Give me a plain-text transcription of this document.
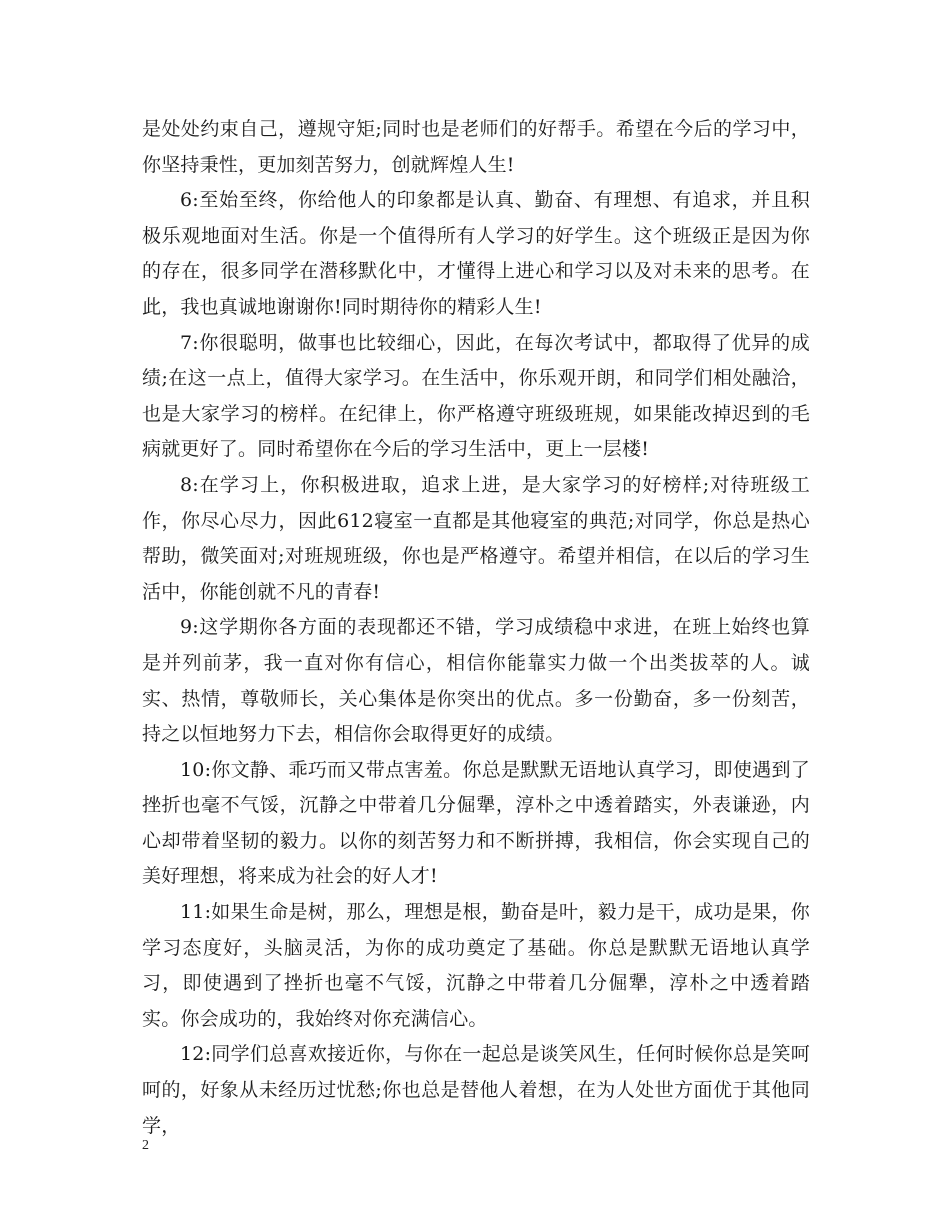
是处处约束自己，遵规守矩;同时也是老师们的好帮手。希望在今后的学习中，你坚持秉性，更加刻苦努力，创就辉煌人生!

6:至始至终，你给他人的印象都是认真、勤奋、有理想、有追求，并且积极乐观地面对生活。你是一个值得所有人学习的好学生。这个班级正是因为你的存在，很多同学在潜移默化中，才懂得上进心和学习以及对未来的思考。在此，我也真诚地谢谢你!同时期待你的精彩人生!

7:你很聪明，做事也比较细心，因此，在每次考试中，都取得了优异的成绩;在这一点上，值得大家学习。在生活中，你乐观开朗，和同学们相处融洽，也是大家学习的榜样。在纪律上，你严格遵守班级班规，如果能改掉迟到的毛病就更好了。同时希望你在今后的学习生活中，更上一层楼!

8:在学习上，你积极进取，追求上进，是大家学习的好榜样;对待班级工作，你尽心尽力，因此612寝室一直都是其他寝室的典范;对同学，你总是热心帮助，微笑面对;对班规班级，你也是严格遵守。希望并相信，在以后的学习生活中，你能创就不凡的青春!

9:这学期你各方面的表现都还不错，学习成绩稳中求进，在班上始终也算是并列前茅，我一直对你有信心，相信你能靠实力做一个出类拔萃的人。诚实、热情，尊敬师长，关心集体是你突出的优点。多一份勤奋，多一份刻苦，持之以恒地努力下去，相信你会取得更好的成绩。

10:你文静、乖巧而又带点害羞。你总是默默无语地认真学习，即使遇到了挫折也毫不气馁，沉静之中带着几分倔犟，淳朴之中透着踏实，外表谦逊，内心却带着坚韧的毅力。以你的刻苦努力和不断拼搏，我相信，你会实现自己的美好理想，将来成为社会的好人才!

11:如果生命是树，那么，理想是根，勤奋是叶，毅力是干，成功是果，你学习态度好，头脑灵活，为你的成功奠定了基础。你总是默默无语地认真学习，即使遇到了挫折也毫不气馁，沉静之中带着几分倔犟，淳朴之中透着踏实。你会成功的，我始终对你充满信心。

12:同学们总喜欢接近你，与你在一起总是谈笑风生，任何时候你总是笑呵呵的，好象从未经历过忧愁;你也总是替他人着想，在为人处世方面优于其他同学，

2
